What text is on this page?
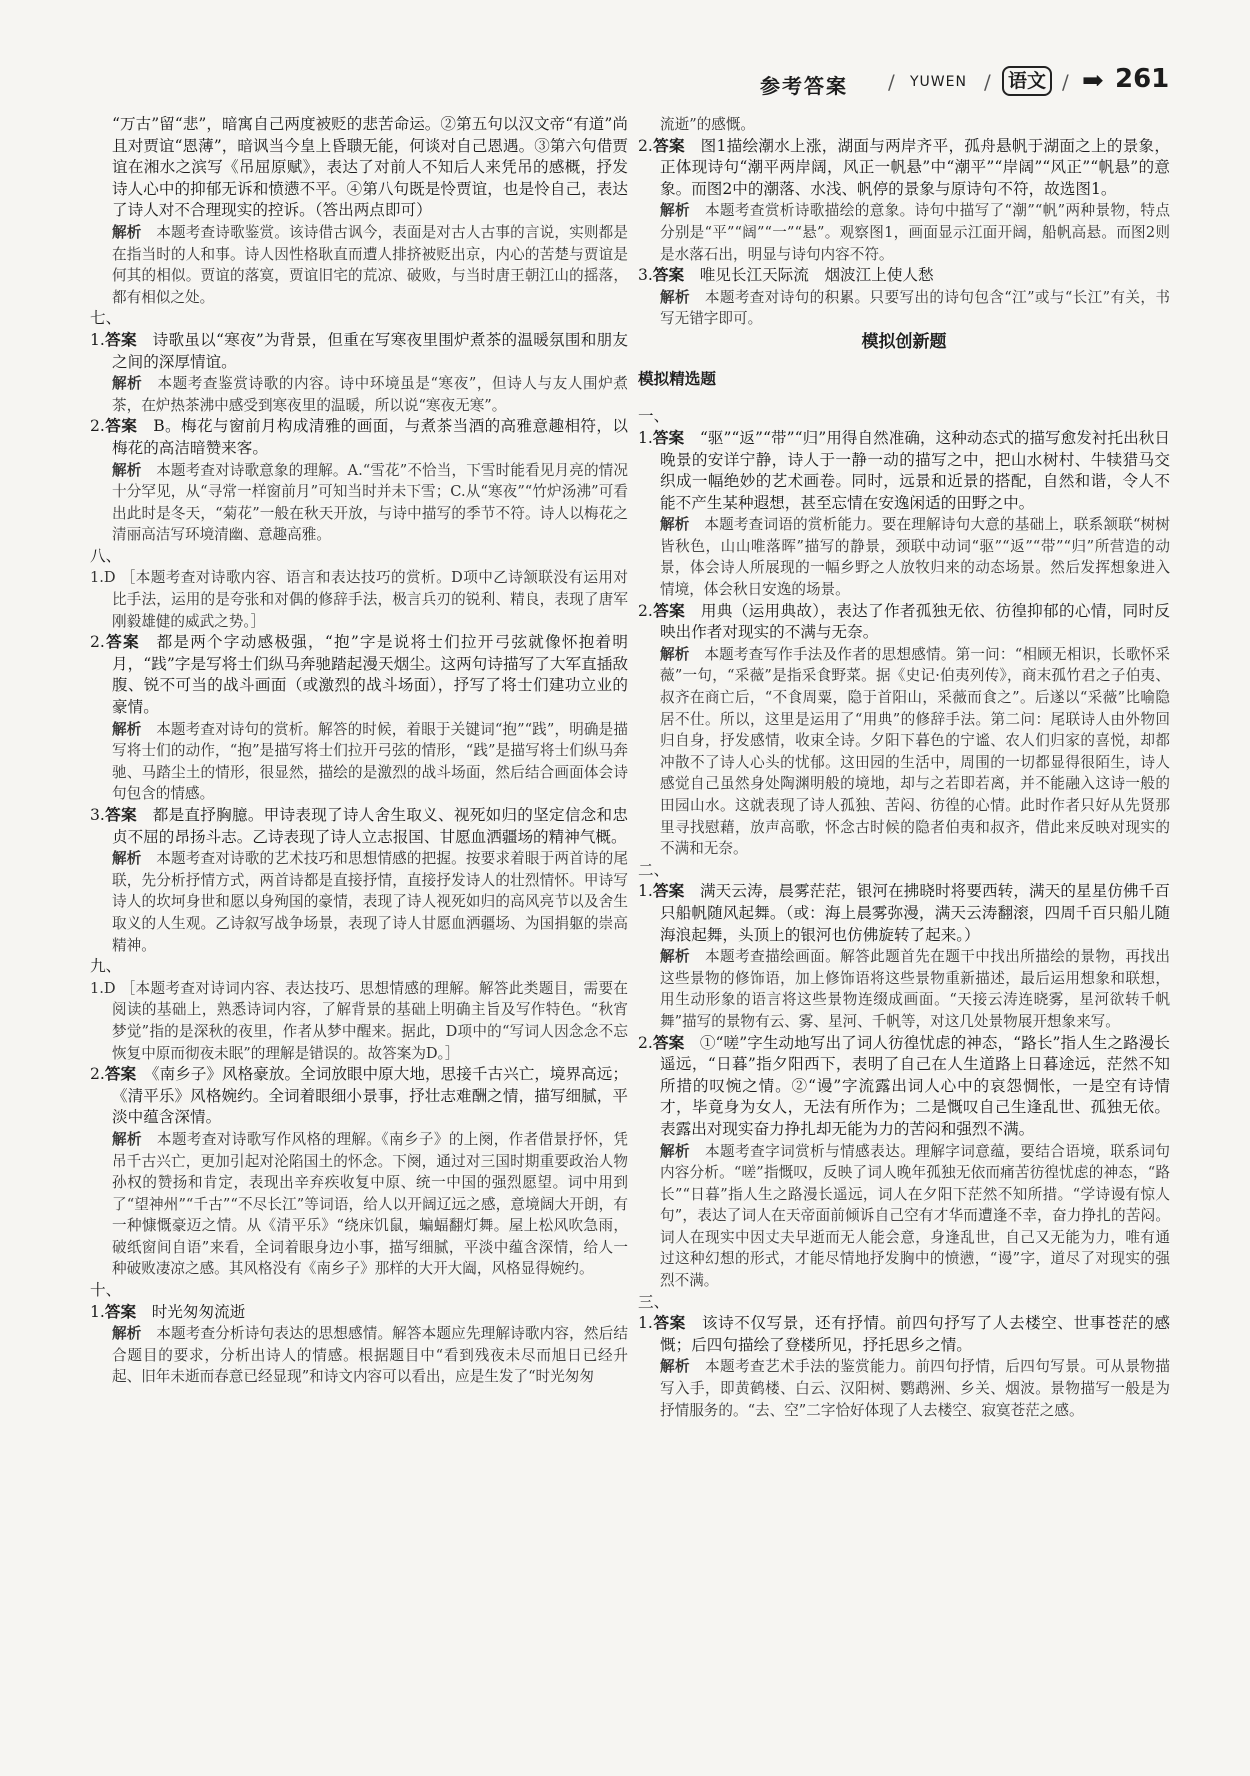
参考答案 / YUWEN / 语文 / ➡ 261

“万古”留“悲”，暗寓自己两度被贬的悲苦命运。②第五句以汉文帝“有道”尚且对贾谊“恩薄”，暗讽当今皇上昏聩无能，何谈对自己恩遇。③第六句借贾谊在湘水之滨写《吊屈原赋》，表达了对前人不知后人来凭吊的感概，抒发诗人心中的抑郁无诉和愤懑不平。④第八句既是怜贾谊，也是怜自己，表达了诗人对不合理现实的控诉。（答出两点即可）

解析　 本题考查诗歌鉴赏。该诗借古讽今，表面是对古人古事的言说，实则都是在指当时的人和事。诗人因性格耿直而遭人排挤被贬出京，内心的苦楚与贾谊是何其的相似。贾谊的落寞，贾谊旧宅的荒凉、破败，与当时唐王朝江山的摇落，都有相似之处。

七、

1.答案　 诗歌虽以“寒夜”为背景，但重在写寒夜里围炉煮茶的温暖氛围和朋友之间的深厚情谊。

解析　 本题考查鉴赏诗歌的内容。诗中环境虽是“寒夜”，但诗人与友人围炉煮茶，在炉热茶沸中感受到寒夜里的温暖，所以说“寒夜无寒”。

2.答案　 B。梅花与窗前月构成清雅的画面，与煮茶当酒的高雅意趣相符，以梅花的高洁暗赞来客。

解析　 本题考查对诗歌意象的理解。A.“雪花”不恰当，下雪时能看见月亮的情况十分罕见，从“寻常一样窗前月”可知当时并未下雪；C.从“寒夜”“竹炉汤沸”可看出此时是冬天，“菊花”一般在秋天开放，与诗中描写的季节不符。诗人以梅花之清丽高洁写环境清幽、意趣高雅。

八、

1.D ［本题考查对诗歌内容、语言和表达技巧的赏析。D项中乙诗颔联没有运用对比手法，运用的是夸张和对偶的修辞手法，极言兵刃的锐利、精良，表现了唐军刚毅雄健的威武之势。］

2.答案　 都是两个字动感极强，“抱”字是说将士们拉开弓弦就像怀抱着明月，“践”字是写将士们纵马奔驰踏起漫天烟尘。这两句诗描写了大军直插敌腹、锐不可当的战斗画面（或激烈的战斗场面），抒写了将士们建功立业的豪情。

解析　 本题考查对诗句的赏析。解答的时候，着眼于关键词“抱”“践”，明确是描写将士们的动作，“抱”是描写将士们拉开弓弦的情形，“践”是描写将士们纵马奔驰、马踏尘土的情形，很显然，描绘的是激烈的战斗场面，然后结合画面体会诗句包含的情感。

3.答案　 都是直抒胸臆。甲诗表现了诗人舍生取义、视死如归的坚定信念和忠贞不屈的昂扬斗志。乙诗表现了诗人立志报国、甘愿血洒疆场的精神气概。

解析　 本题考查对诗歌的艺术技巧和思想情感的把握。按要求着眼于两首诗的尾联，先分析抒情方式，两首诗都是直接抒情，直接抒发诗人的壮烈情怀。甲诗写诗人的坎坷身世和愿以身殉国的豪情，表现了诗人视死如归的高风亮节以及舍生取义的人生观。乙诗叙写战争场景，表现了诗人甘愿血洒疆场、为国捐躯的崇高精神。

九、

1.D ［本题考查对诗词内容、表达技巧、思想情感的理解。解答此类题目，需要在阅读的基础上，熟悉诗词内容，了解背景的基础上明确主旨及写作特色。“秋宵梦觉”指的是深秋的夜里，作者从梦中醒来。据此，D项中的“写词人因念念不忘恢复中原而彻夜未眠”的理解是错误的。故答案为D。］

2.答案　 《南乡子》风格豪放。全词放眼中原大地，思接千古兴亡，境界高远；《清平乐》风格婉约。全词着眼细小景事，抒壮志难酬之情，描写细腻，平淡中蕴含深情。

解析　 本题考查对诗歌写作风格的理解。《南乡子》的上阕，作者借景抒怀，凭吊千古兴亡，更加引起对沦陷国土的怀念。下阕，通过对三国时期重要政治人物孙权的赞扬和肯定，表现出辛弃疾收复中原、统一中国的强烈愿望。词中用到了“望神州”“千古”“不尽长江”等词语，给人以开阔辽远之感，意境阔大开朗，有一种慷慨豪迈之情。从《清平乐》“绕床饥鼠，蝙蝠翻灯舞。屋上松风吹急雨，破纸窗间自语”来看，全词着眼身边小事，描写细腻，平淡中蕴含深情，给人一种破败凄凉之感。其风格没有《南乡子》那样的大开大阖，风格显得婉约。

十、

1.答案　 时光匆匆流逝

解析　 本题考查分析诗句表达的思想感情。解答本题应先理解诗歌内容，然后结合题目的要求，分析出诗人的情感。根据题目中“看到残夜未尽而旭日已经升起、旧年未逝而春意已经显现”和诗文内容可以看出，应是生发了“时光匆匆

流逝”的感慨。

2.答案　 图1描绘潮水上涨，湖面与两岸齐平，孤舟悬帆于湖面之上的景象，正体现诗句“潮平两岸阔，风正一帆悬”中“潮平”“岸阔”“风正”“帆悬”的意象。而图2中的潮落、水浅、帆停的景象与原诗句不符，故选图1。

解析　 本题考查赏析诗歌描绘的意象。诗句中描写了“潮”“帆”两种景物，特点分别是“平”“阔”“一”“悬”。观察图1，画面显示江面开阔，船帆高悬。而图2则是水落石出，明显与诗句内容不符。

3.答案　 唯见长江天际流　烟波江上使人愁

解析　 本题考查对诗句的积累。只要写出的诗句包含“江”或与“长江”有关，书写无错字即可。

模拟创新题

模拟精选题

一、

1.答案　 “驱”“返”“带”“归”用得自然准确，这种动态式的描写愈发衬托出秋日晚景的安详宁静，诗人于一静一动的描写之中，把山水树村、牛犊猎马交织成一幅绝妙的艺术画卷。同时，远景和近景的搭配，自然和谐，令人不能不产生某种遐想，甚至忘情在安逸闲适的田野之中。

解析　 本题考查词语的赏析能力。要在理解诗句大意的基础上，联系颔联“树树皆秋色，山山唯落晖”描写的静景，颈联中动词“驱”“返”“带”“归”所营造的动景，体会诗人所展现的一幅乡野之人放牧归来的动态场景。然后发挥想象进入情境，体会秋日安逸的场景。

2.答案　 用典（运用典故），表达了作者孤独无依、彷徨抑郁的心情，同时反映出作者对现实的不满与无奈。

解析　 本题考查写作手法及作者的思想感情。第一问：“相顾无相识，长歌怀采薇”一句，“采薇”是指采食野菜。据《史记·伯夷列传》，商末孤竹君之子伯夷、叔齐在商亡后，“不食周粟，隐于首阳山，采薇而食之”。后遂以“采薇”比喻隐居不仕。所以，这里是运用了“用典”的修辞手法。第二问：尾联诗人由外物回归自身，抒发感情，收束全诗。夕阳下暮色的宁谧、农人们归家的喜悦，却都冲散不了诗人心头的忧郁。这田园的生活中，周围的一切都显得很陌生，诗人感觉自己虽然身处陶渊明般的境地，却与之若即若离，并不能融入这诗一般的田园山水。这就表现了诗人孤独、苦闷、彷徨的心情。此时作者只好从先贤那里寻找慰藉，放声高歌，怀念古时候的隐者伯夷和叔齐，借此来反映对现实的不满和无奈。

二、

1.答案　 满天云涛，晨雾茫茫，银河在拂晓时将要西转，满天的星星仿佛千百只船帆随风起舞。（或：海上晨雾弥漫，满天云涛翻滚，四周千百只船儿随海浪起舞，头顶上的银河也仿佛旋转了起来。）

解析　 本题考查描绘画面。解答此题首先在题干中找出所描绘的景物，再找出这些景物的修饰语，加上修饰语将这些景物重新描述，最后运用想象和联想，用生动形象的语言将这些景物连缀成画面。“天接云涛连晓雾，星河欲转千帆舞”描写的景物有云、雾、星河、千帆等，对这几处景物展开想象来写。

2.答案　 ①“嗟”字生动地写出了词人彷徨忧虑的神态，“路长”指人生之路漫长遥远，“日暮”指夕阳西下，表明了自己在人生道路上日暮途远，茫然不知所措的叹惋之情。②“谩”字流露出词人心中的哀怨惆怅，一是空有诗情才，毕竟身为女人，无法有所作为；二是慨叹自己生逢乱世、孤独无依。表露出对现实奋力挣扎却无能为力的苦闷和强烈不满。

解析　 本题考查字词赏析与情感表达。理解字词意蕴，要结合语境，联系词句内容分析。“嗟”指慨叹，反映了词人晚年孤独无依而痛苦彷徨忧虑的神态，“路长”“日暮”指人生之路漫长遥远，词人在夕阳下茫然不知所措。“学诗谩有惊人句”，表达了词人在天帝面前倾诉自己空有才华而遭逢不幸，奋力挣扎的苦闷。词人在现实中因丈夫早逝而无人能会意，身逢乱世，自己又无能为力，唯有通过这种幻想的形式，才能尽情地抒发胸中的愤懑，“谩”字，道尽了对现实的强烈不满。

三、

1.答案　 该诗不仅写景，还有抒情。前四句抒写了人去楼空、世事苍茫的感慨；后四句描绘了登楼所见，抒托思乡之情。

解析　 本题考查艺术手法的鉴赏能力。前四句抒情，后四句写景。可从景物描写入手，即黄鹤楼、白云、汉阳树、鹦鹉洲、乡关、烟波。景物描写一般是为抒情服务的。“去、空”二字恰好体现了人去楼空、寂寞苍茫之感。
